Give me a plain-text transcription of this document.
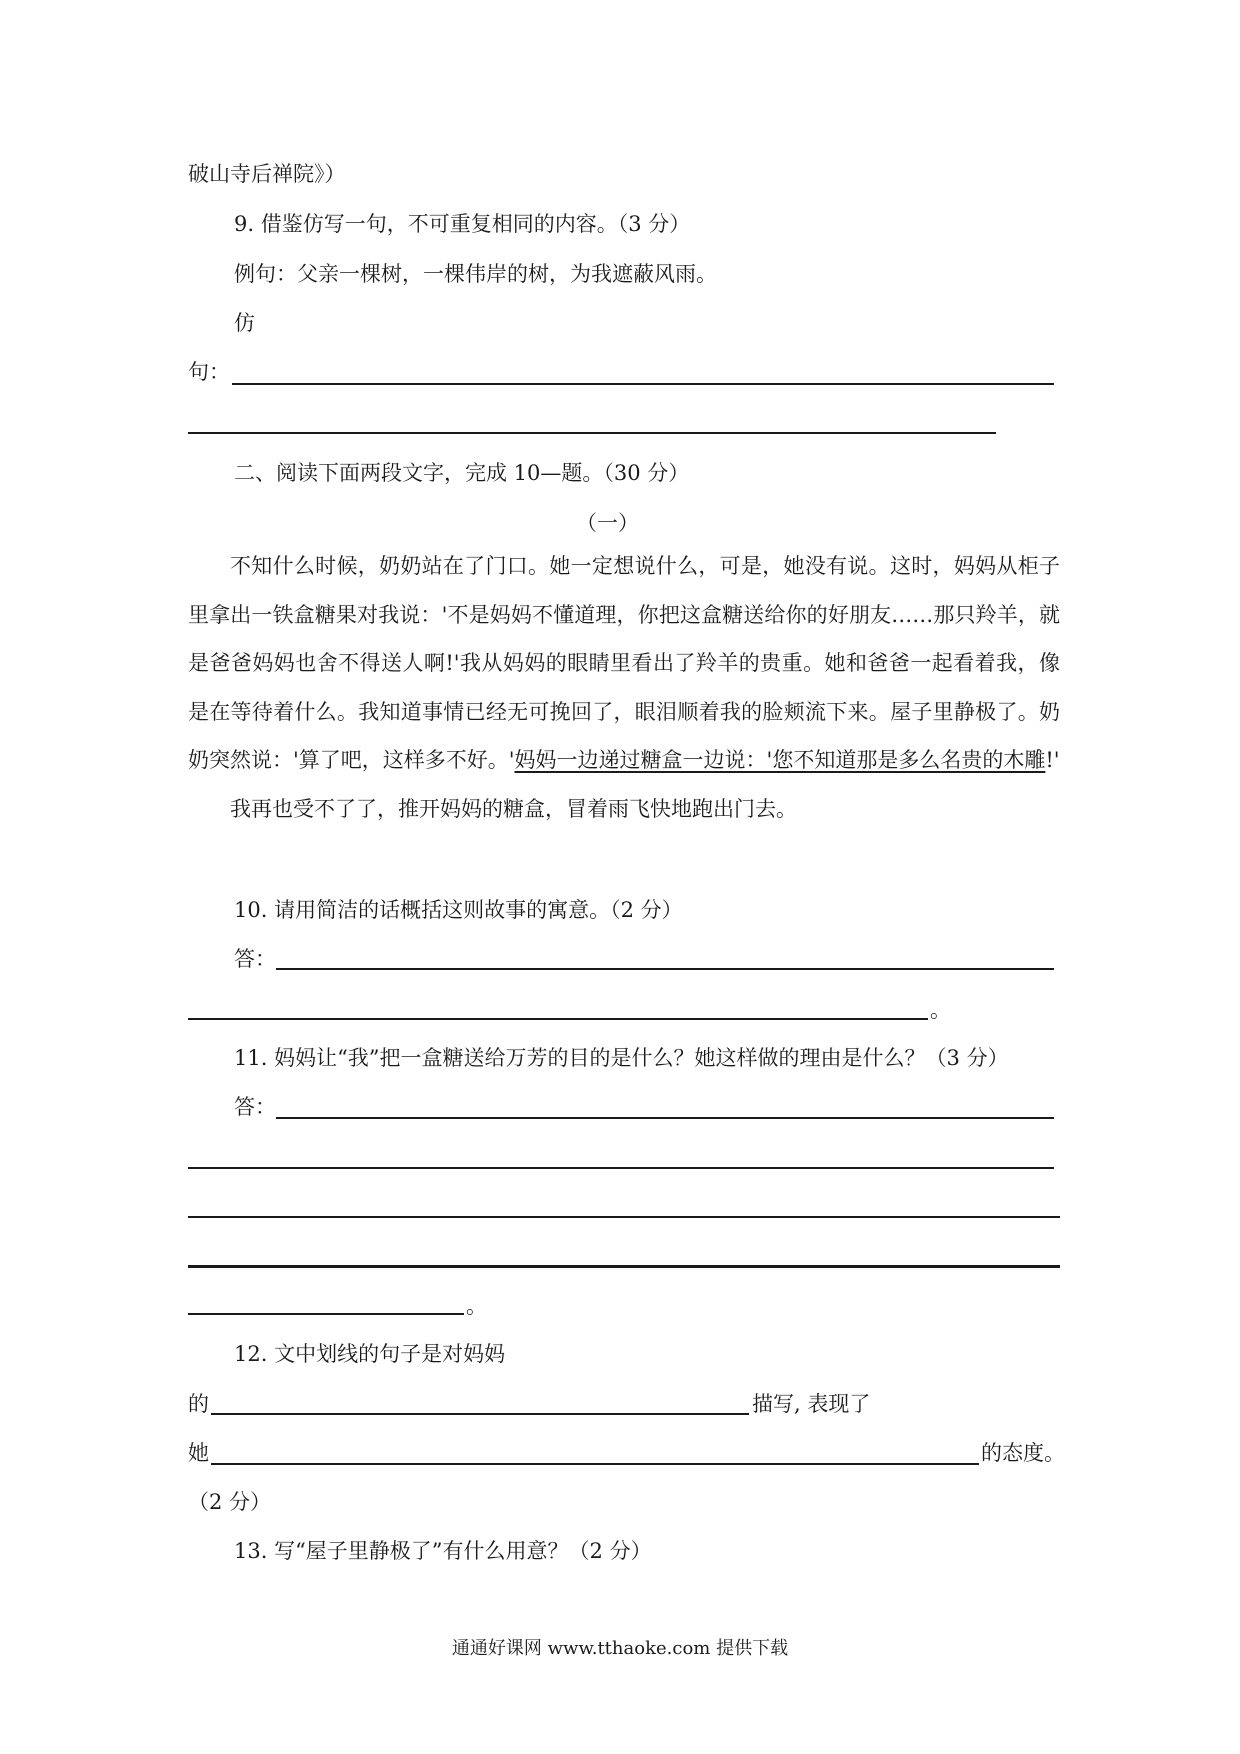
破山寺后禅院》）
9. 借鉴仿写一句，不可重复相同的内容。（3 分）
例句：父亲一棵树，一棵伟岸的树，为我遮蔽风雨。
仿
句：
二、阅读下面两段文字，完成 10—题。（30 分）
（一）

不知什么时候，奶奶站在了门口。她一定想说什么，可是，她没有说。这时，妈妈从柜子里拿出一铁盒糖果对我说：'不是妈妈不懂道理，你把这盒糖送给你的好朋友……那只羚羊，就是爸爸妈妈也舍不得送人啊!'我从妈妈的眼睛里看出了羚羊的贵重。她和爸爸一起看着我，像是在等待着什么。我知道事情已经无可挽回了，眼泪顺着我的脸颊流下来。屋子里静极了。奶奶突然说：'算了吧，这样多不好。'妈妈一边递过糖盒一边说：'您不知道那是多么名贵的木雕!'

我再也受不了了，推开妈妈的糖盒，冒着雨飞快地跑出门去。

10. 请用简洁的话概括这则故事的寓意。（2 分）
答：
。
11. 妈妈让“我”把一盒糖送给万芳的目的是什么？她这样做的理由是什么？（3 分）
答：
。
12. 文中划线的句子是对妈妈
的	描写, 表现了
她	的态度。
（2 分）
13. 写“屋子里静极了”有什么用意？（2 分）
通通好课网 www.tthaoke.com 提供下载
